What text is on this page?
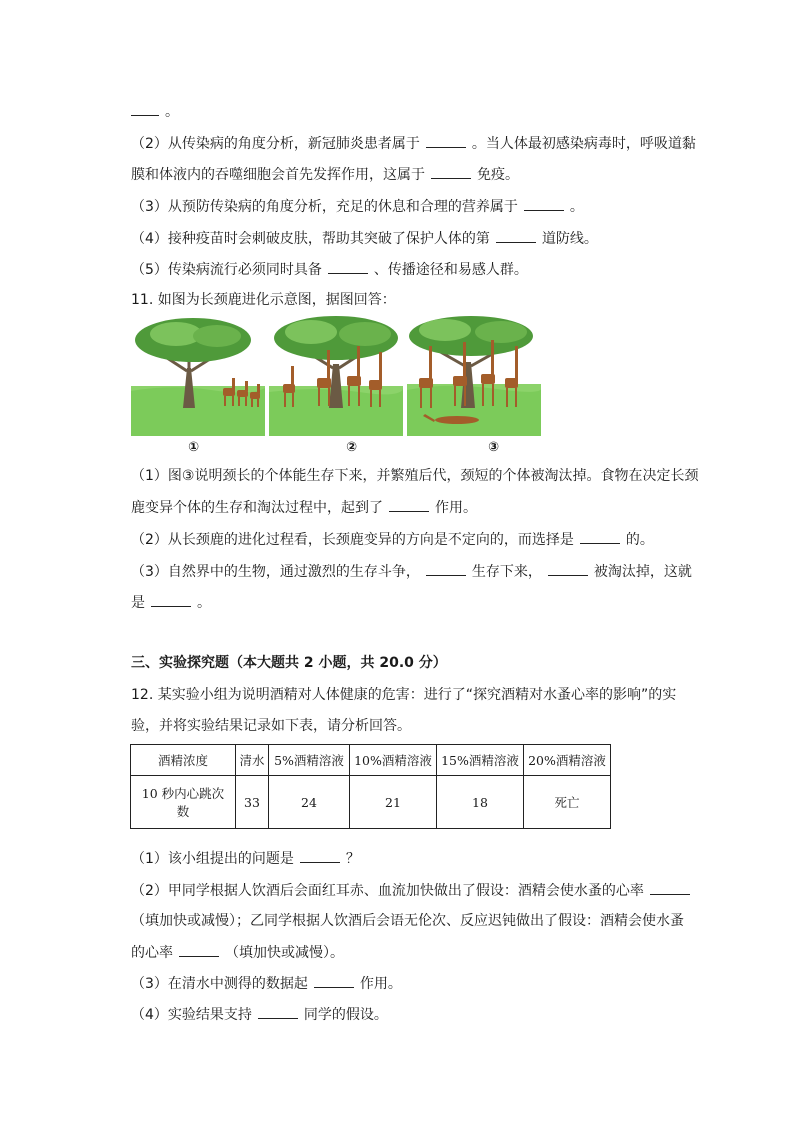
。
（2）从传染病的角度分析，新冠肺炎患者属于	。当人体最初感染病毒时，呼吸道黏
膜和体液内的吞噬细胞会首先发挥作用，这属于	免疫。
（3）从预防传染病的角度分析，充足的休息和合理的营养属于	。
（4）接种疫苗时会刺破皮肤，帮助其突破了保护人体的第	道防线。
（5）传染病流行必须同时具备	、传播途径和易感人群。
11. 如图为长颈鹿进化示意图，据图回答：
①	②	③
（1）图③说明颈长的个体能生存下来，并繁殖后代，颈短的个体被淘汰掉。食物在决定长颈
鹿变异个体的生存和淘汰过程中，起到了	作用。
（2）从长颈鹿的进化过程看，长颈鹿变异的方向是不定向的，而选择是	的。
（3）自然界中的生物，通过激烈的生存斗争，	生存下来，	被淘汰掉，这就
是	。
三、实验探究题（本大题共 2 小题，共 20.0 分）
12. 某实验小组为说明酒精对人体健康的危害：进行了“探究酒精对水蚤心率的影响”的实
验，并将实验结果记录如下表，请分析回答。
酒精浓度	清水	5%酒精溶液	10%酒精溶液	15%酒精溶液	20%酒精溶液
10 秒内心跳次
数	33	24	21	18	死亡
（1）该小组提出的问题是	？
（2）甲同学根据人饮酒后会面红耳赤、血流加快做出了假设：酒精会使水蚤的心率
（填加快或减慢）；乙同学根据人饮酒后会语无伦次、反应迟钝做出了假设：酒精会使水蚤
的心率	（填加快或减慢）。
（3）在清水中测得的数据起	作用。
（4）实验结果支持	同学的假设。
